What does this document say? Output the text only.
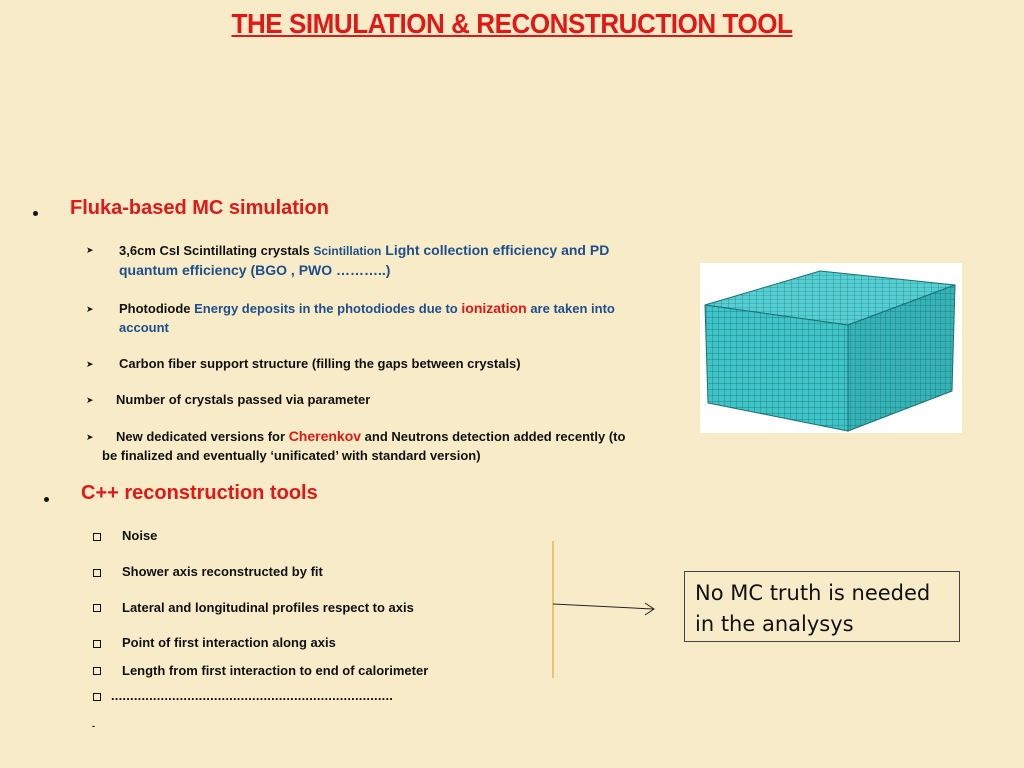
THE SIMULATION & RECONSTRUCTION TOOL
Fluka-based MC simulation
➤ 3,6cm CsI Scintillating crystals Scintillation Light collection efficiency and PD
quantum efficiency (BGO , PWO ………..)
➤ Photodiode Energy deposits in the photodiodes due to ionization are taken into
account
➤ Carbon fiber support structure (filling the gaps between crystals)
➤ Number of crystals passed via parameter
➤ New dedicated versions for Cherenkov and Neutrons detection added recently (to
be finalized and eventually ‘unificated’ with standard version)
C++ reconstruction tools
Noise
Shower axis reconstructed by fit
Lateral and longitudinal profiles respect to axis
Point of first interaction along axis
Length from first interaction to end of calorimeter
..........................................................................
-
No MC truth is needed
in the analysys
